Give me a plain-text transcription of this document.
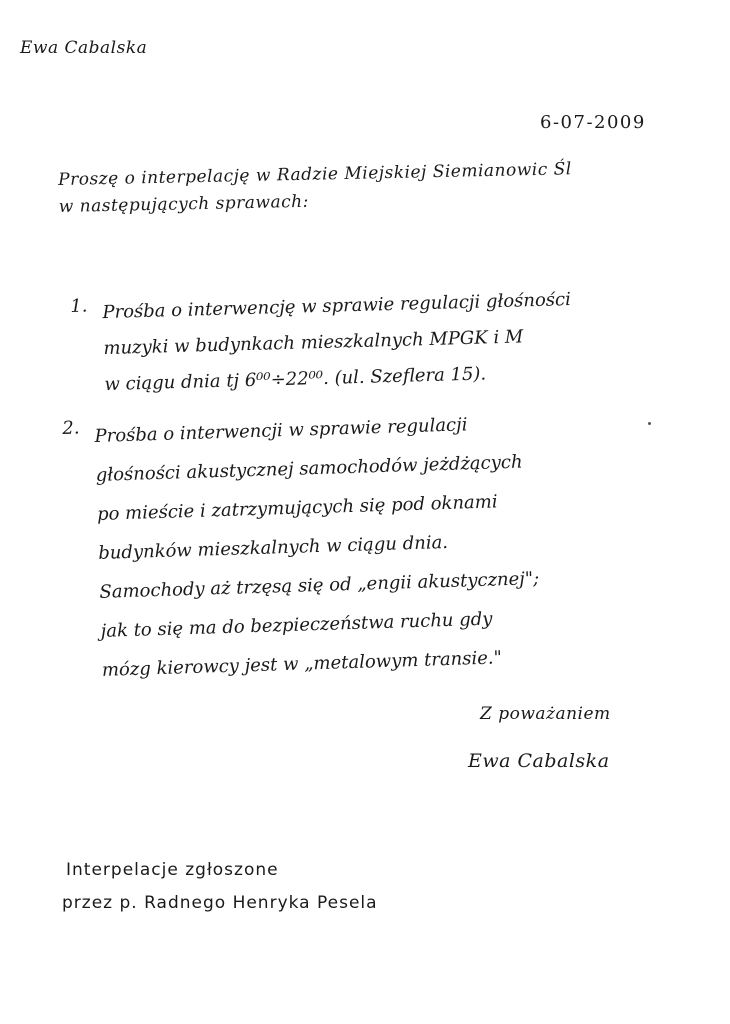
Ewa Cabalska
6-07-2009
Proszę o interpelację w Radzie Miejskiej Siemianowic Śl
w następujących sprawach:
1. Prośba o interwencję w sprawie regulacji głośności
muzyki w budynkach mieszkalnych MPGK i M
w ciągu dnia tj 6⁰⁰÷22⁰⁰. (ul. Szeflera 15).
2. Prośba o interwencji w sprawie regulacji
głośności akustycznej samochodów jeżdżących
po mieście i zatrzymujących się pod oknami
budynków mieszkalnych w ciągu dnia.
Samochody aż trzęsą się od „engii akustycznej";
jak to się ma do bezpieczeństwa ruchu gdy
mózg kierowcy jest w „metalowym transie."
Z poważaniem
Ewa Cabalska
Interpelacje zgłoszone
przez p. Radnego Henryka Pesela
